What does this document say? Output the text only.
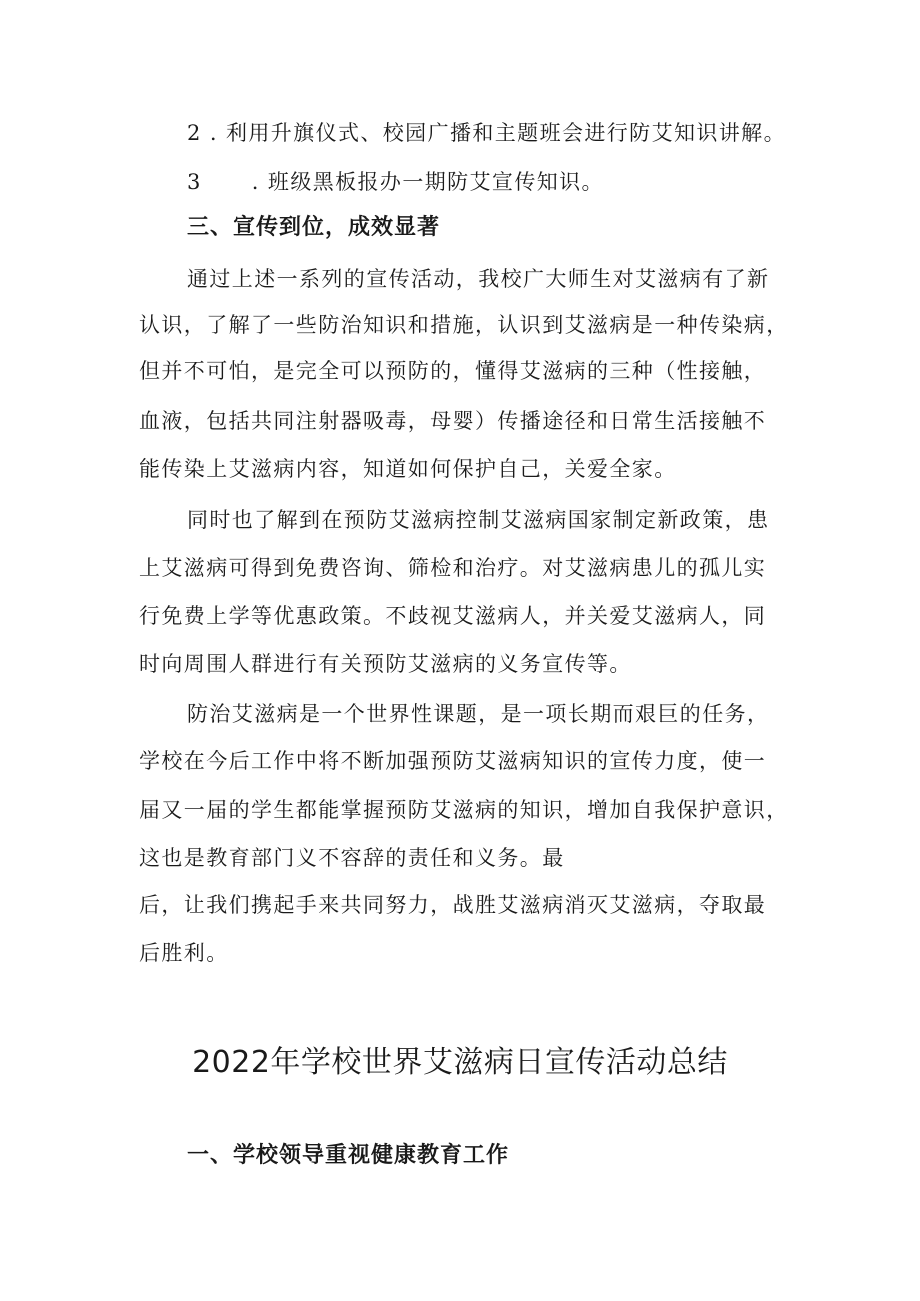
2 . 利用升旗仪式、校园广播和主题班会进行防艾知识讲解。
3 . 班级黑板报办一期防艾宣传知识。
三、宣传到位，成效显著
通过上述一系列的宣传活动，我校广大师生对艾滋病有了新
认识，了解了一些防治知识和措施，认识到艾滋病是一种传染病，
但并不可怕，是完全可以预防的，懂得艾滋病的三种（性接触，
血液，包括共同注射器吸毒，母婴）传播途径和日常生活接触不
能传染上艾滋病内容，知道如何保护自己，关爱全家。
同时也了解到在预防艾滋病控制艾滋病国家制定新政策，患
上艾滋病可得到免费咨询、筛检和治疗。对艾滋病患儿的孤儿实
行免费上学等优惠政策。不歧视艾滋病人，并关爱艾滋病人，同
时向周围人群进行有关预防艾滋病的义务宣传等。
防治艾滋病是一个世界性课题，是一项长期而艰巨的任务，
学校在今后工作中将不断加强预防艾滋病知识的宣传力度，使一
届又一届的学生都能掌握预防艾滋病的知识，增加自我保护意识，
这也是教育部门义不容辞的责任和义务。最
后，让我们携起手来共同努力，战胜艾滋病消灭艾滋病，夺取最
后胜利。
2022年学校世界艾滋病日宣传活动总结
一、学校领导重视健康教育工作
